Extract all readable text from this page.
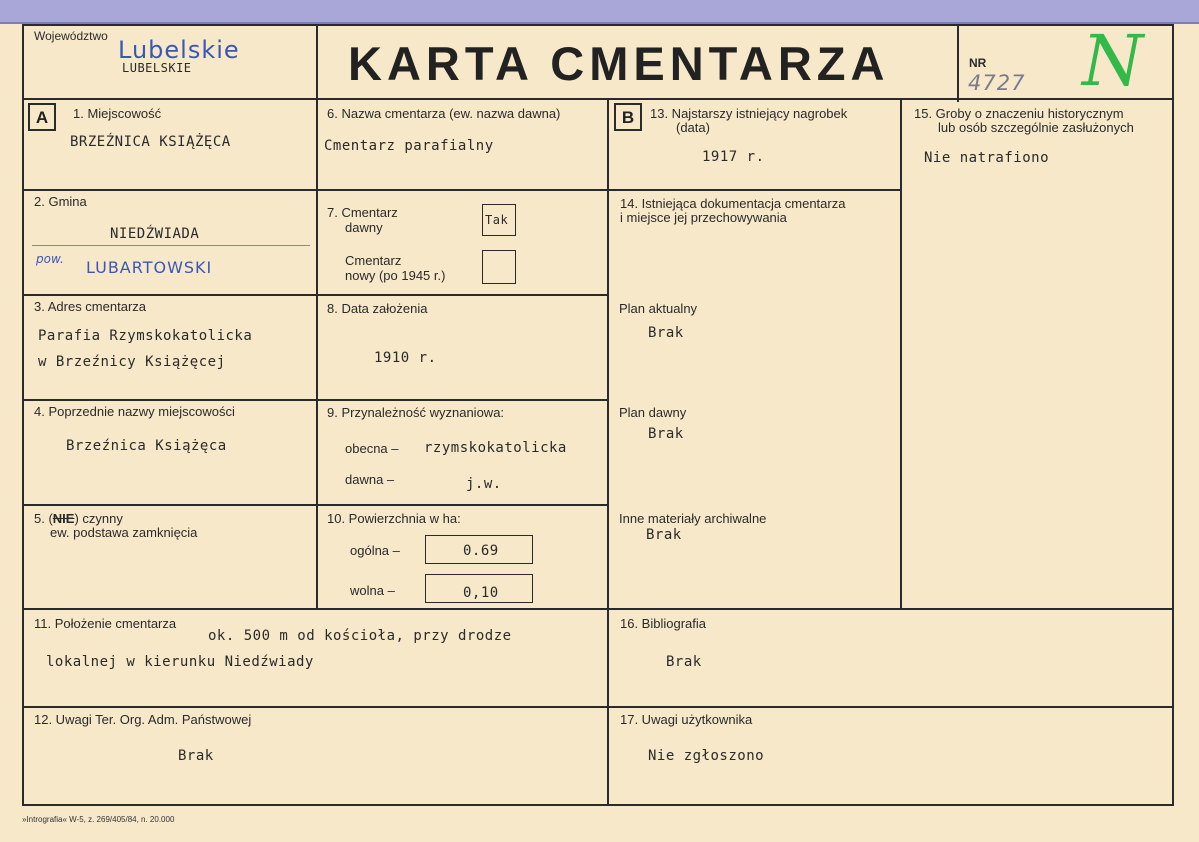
Województwo Lubelskie
LUBELSKIE	KARTA CMENTARZA	NR
4727 N
A	1. Miejscowość
BRZEŹNICA KSIĄŻĘCA
2. Gmina
NIEDŹWIADA
pow. LUBARTOWSKI
3. Adres cmentarza
Parafia Rzymskokatolicka
w Brzeźnicy Książęcej
4. Poprzednie nazwy miejscowości
Brzeźnica Książęca
5. (NIE) czynny
ew. podstawa zamknięcia
6. Nazwa cmentarza (ew. nazwa dawna)
Cmentarz parafialny
7. Cmentarz
dawny	Tak
Cmentarz
nowy (po 1945 r.)
8. Data założenia
1910 r.
9. Przynależność wyznaniowa:
obecna – rzymskokatolicka
dawna –	j.w.
10. Powierzchnia w ha:
ogólna –	0.69
wolna –	0,10
B	13. Najstarszy istniejący nagrobek
(data)
1917 r.
14. Istniejąca dokumentacja cmentarza
i miejsce jej przechowywania
Plan aktualny
Brak
Plan dawny
Brak
Inne materiały archiwalne
Brak
15. Groby o znaczeniu historycznym
lub osób szczególnie zasłużonych
Nie natrafiono
11. Położenie cmentarza
ok. 500 m od kościoła, przy drodze
lokalnej w kierunku Niedźwiady
16. Bibliografia
Brak
12. Uwagi Ter. Org. Adm. Państwowej
Brak
17. Uwagi użytkownika
Nie zgłoszono
»Intrografia« W-5, z. 269/405/84, n. 20.000
